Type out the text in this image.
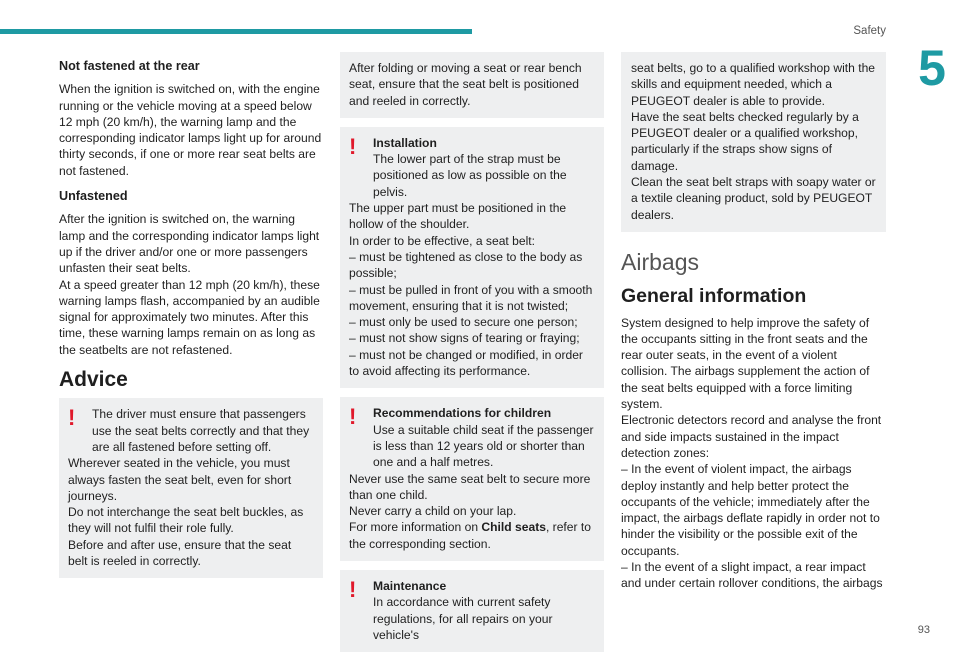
Safety
5

Not fastened at the rear

When the ignition is switched on, with the engine running or the vehicle moving at a speed below 12 mph (20 km/h), the warning lamp and the corresponding indicator lamps light up for around thirty seconds, if one or more rear seat belts are not fastened.

Unfastened

After the ignition is switched on, the warning lamp and the corresponding indicator lamps light up if the driver and/or one or more passengers unfasten their seat belts.

At a speed greater than 12 mph (20 km/h), these warning lamps flash, accompanied by an audible signal for approximately two minutes. After this time, these warning lamps remain on as long as the seatbelts are not refastened.

Advice

!	The driver must ensure that passengers use the seat belts correctly and that they are all fastened before setting off.

Wherever seated in the vehicle, you must always fasten the seat belt, even for short journeys.

Do not interchange the seat belt buckles, as they will not fulfil their role fully.

Before and after use, ensure that the seat belt is reeled in correctly.

After folding or moving a seat or rear bench seat, ensure that the seat belt is positioned and reeled in correctly.

!	Installation

The lower part of the strap must be positioned as low as possible on the pelvis.

The upper part must be positioned in the hollow of the shoulder.

In order to be effective, a seat belt:

– must be tightened as close to the body as possible;

– must be pulled in front of you with a smooth movement, ensuring that it is not twisted;

– must only be used to secure one person;

– must not show signs of tearing or fraying;

– must not be changed or modified, in order to avoid affecting its performance.

!	Recommendations for children

Use a suitable child seat if the passenger is less than 12 years old or shorter than one and a half metres.

Never use the same seat belt to secure more than one child.

Never carry a child on your lap.

For more information on Child seats, refer to the corresponding section.

!	Maintenance

In accordance with current safety regulations, for all repairs on your vehicle's

seat belts, go to a qualified workshop with the skills and equipment needed, which a PEUGEOT dealer is able to provide.

Have the seat belts checked regularly by a PEUGEOT dealer or a qualified workshop, particularly if the straps show signs of damage.

Clean the seat belt straps with soapy water or a textile cleaning product, sold by PEUGEOT dealers.

Airbags

General information

System designed to help improve the safety of the occupants sitting in the front seats and the rear outer seats, in the event of a violent collision. The airbags supplement the action of the seat belts equipped with a force limiting system.

Electronic detectors record and analyse the front and side impacts sustained in the impact detection zones:

– In the event of violent impact, the airbags deploy instantly and help better protect the occupants of the vehicle; immediately after the impact, the airbags deflate rapidly in order not to hinder the visibility or the possible exit of the occupants.

– In the event of a slight impact, a rear impact and under certain rollover conditions, the airbags

93
